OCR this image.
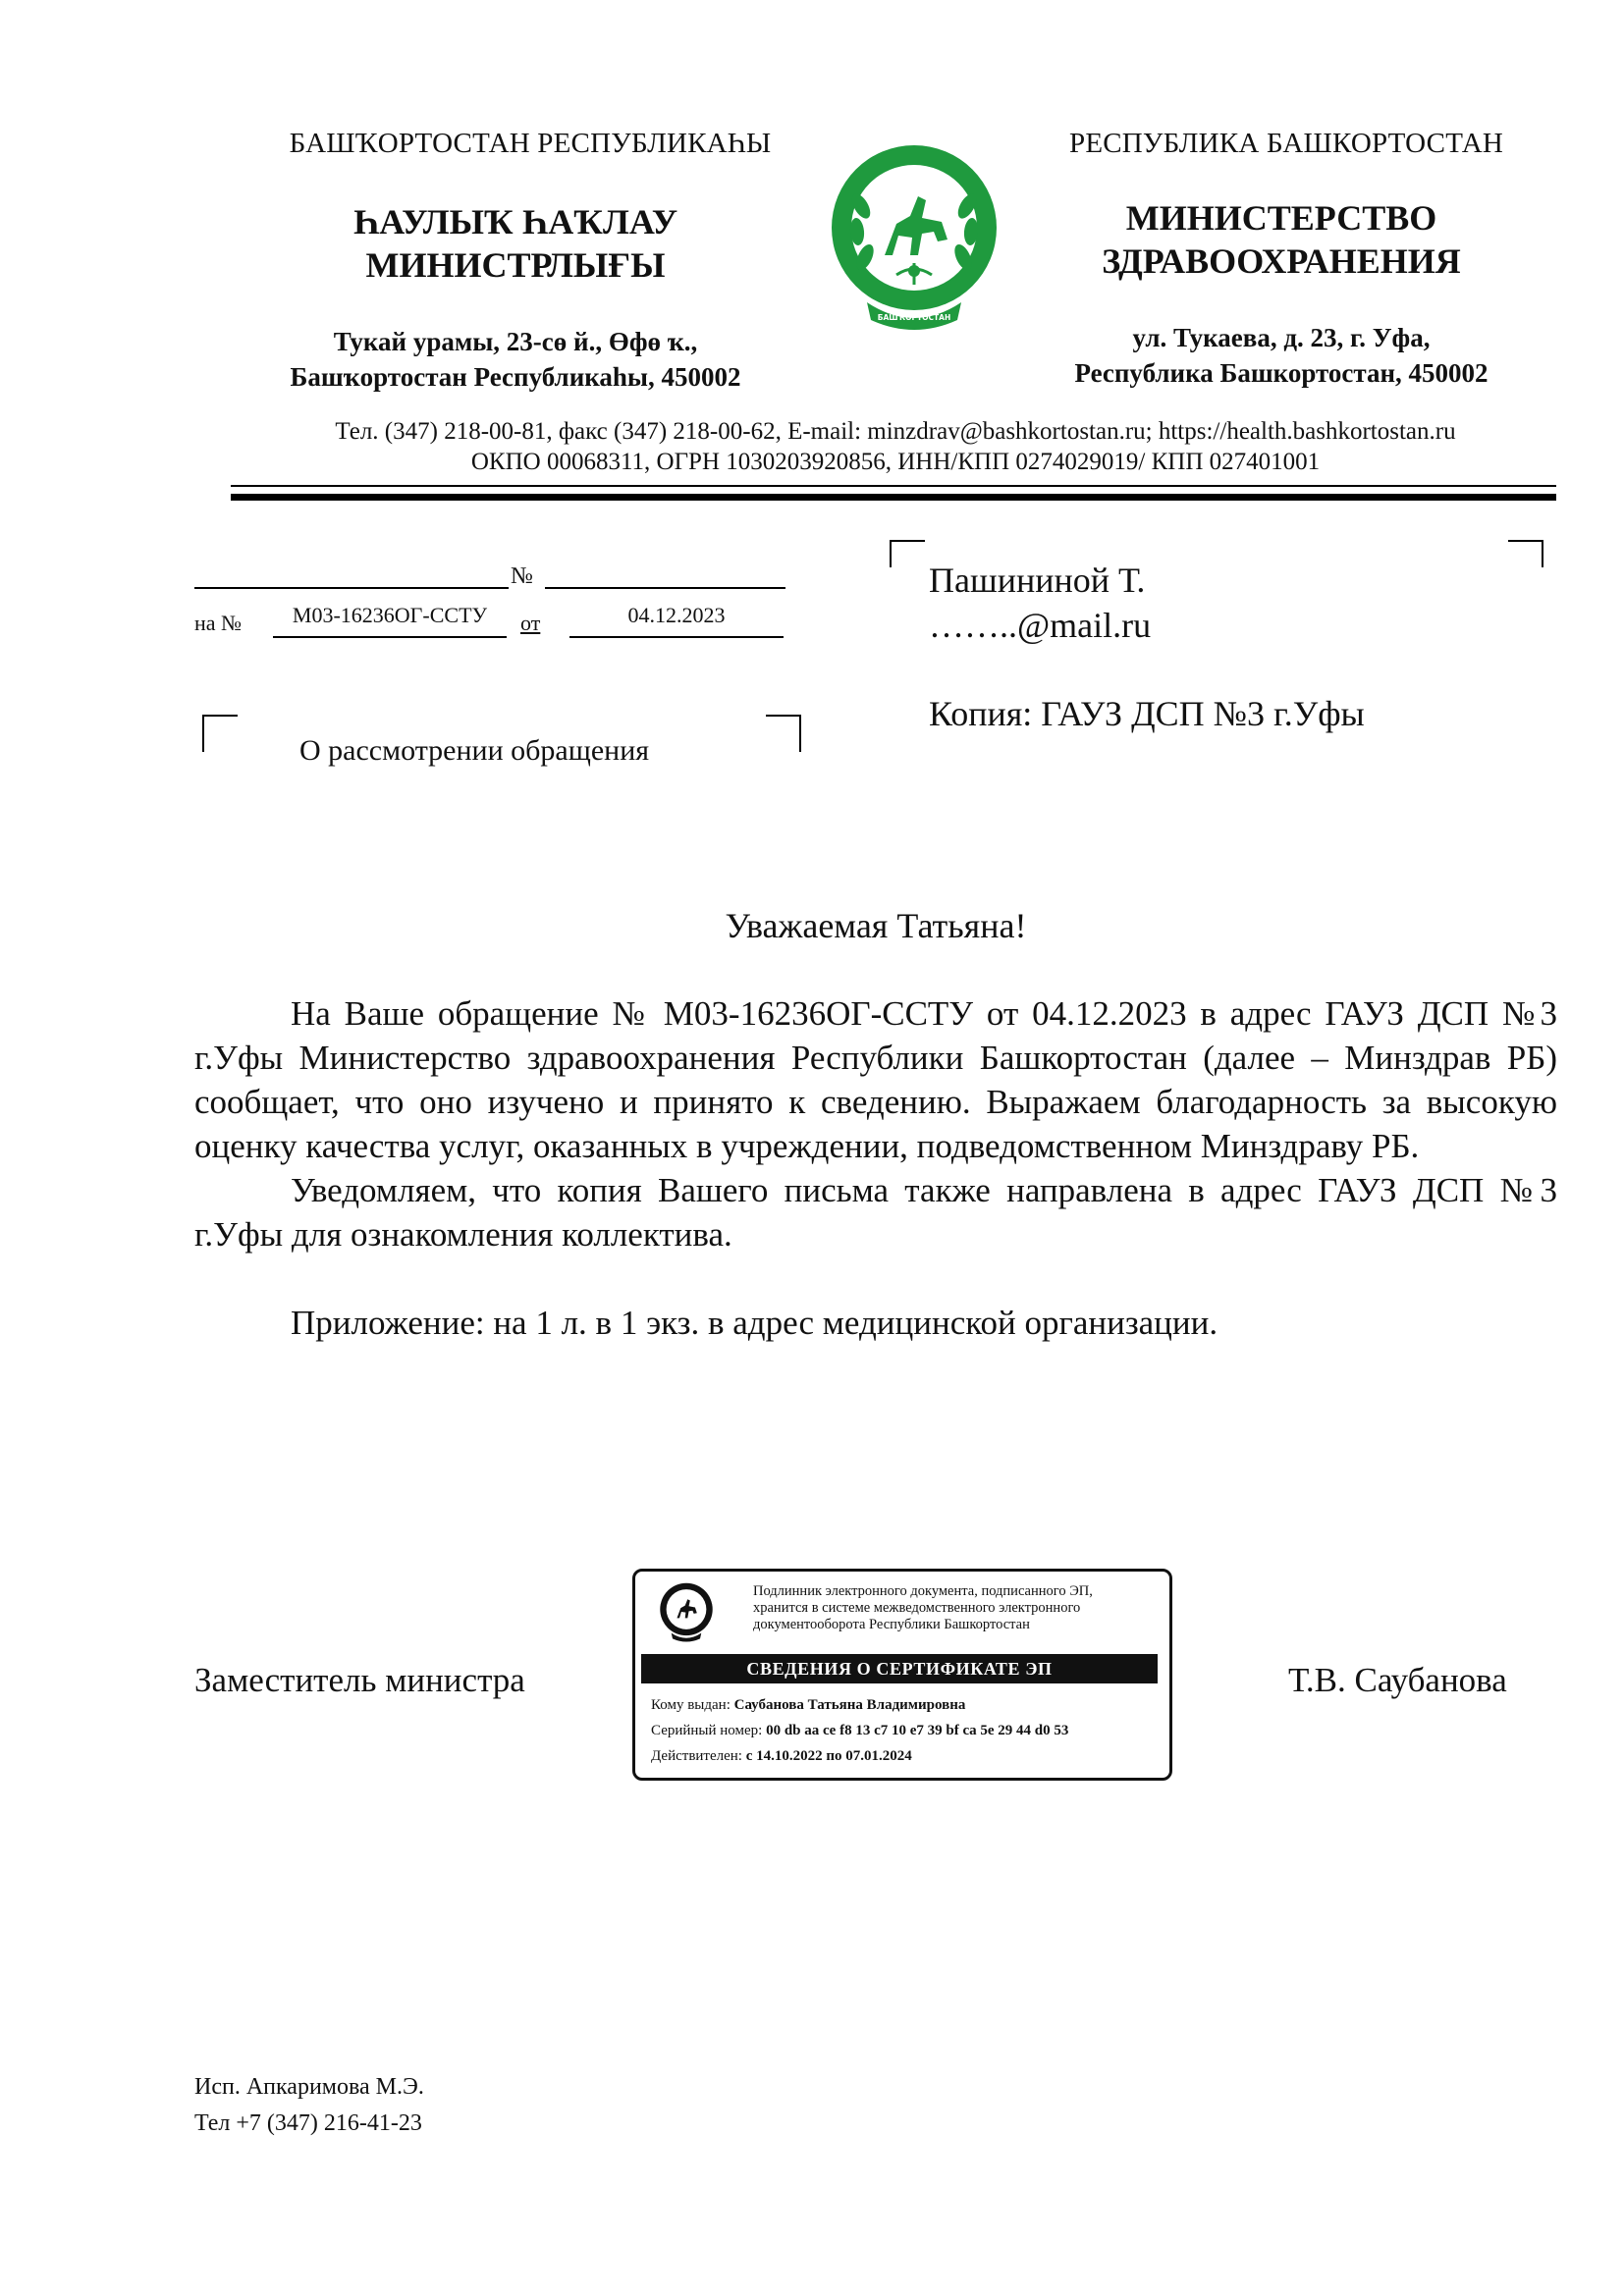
БАШҠОРТОСТАН РЕСПУБЛИКАҺЫ	РЕСПУБЛИКА БАШКОРТОСТАН
ҺАУЛЫҠ ҺАҠЛАУ
МИНИСТРЛЫҒЫ
МИНИСТЕРСТВО
ЗДРАВООХРАНЕНИЯ
Тукай урамы, 23-сө й., Өфө ҡ.,
Башҡортостан Республикаһы, 450002
ул. Тукаева, д. 23, г. Уфа,
Республика Башкортостан, 450002
БАШҠОРТОСТАН
Тел. (347) 218-00-81, факс (347) 218-00-62, E-mail: minzdrav@bashkortostan.ru; https://health.bashkortostan.ru
ОКПО 00068311, ОГРН 1030203920856, ИНН/КПП 0274029019/ КПП 027401001
№
на №	М03-16236ОГ-ССТУ	от	04.12.2023
О рассмотрении обращения
Пашининой Т.
……..@mail.ru
Копия: ГАУЗ ДСП №3 г.Уфы
Уважаемая Татьяна!

На Ваше обращение № М03-16236ОГ-ССТУ от 04.12.2023 в адрес ГАУЗ ДСП №3 г.Уфы Министерство здравоохранения Республики Башкортостан (далее – Минздрав РБ) сообщает, что оно изучено и принято к сведению. Выражаем благодарность за высокую оценку качества услуг, оказанных в учреждении, подведомственном Минздраву РБ.

Уведомляем, что копия Вашего письма также направлена в адрес ГАУЗ ДСП №3 г.Уфы для ознакомления коллектива.

Приложение: на 1 л. в 1 экз. в адрес медицинской организации.

Заместитель министра	Т.В. Саубанова
Подлинник электронного документа, подписанного ЭП,
хранится в системе межведомственного электронного
документооборота Республики Башкортостан
СВЕДЕНИЯ О СЕРТИФИКАТЕ ЭП
Кому выдан: Саубанова Татьяна Владимировна
Серийный номер: 00 db aa ce f8 13 c7 10 e7 39 bf ca 5e 29 44 d0 53
Действителен: с 14.10.2022 по 07.01.2024
Исп. Апкаримова М.Э.
Тел +7 (347) 216-41-23
